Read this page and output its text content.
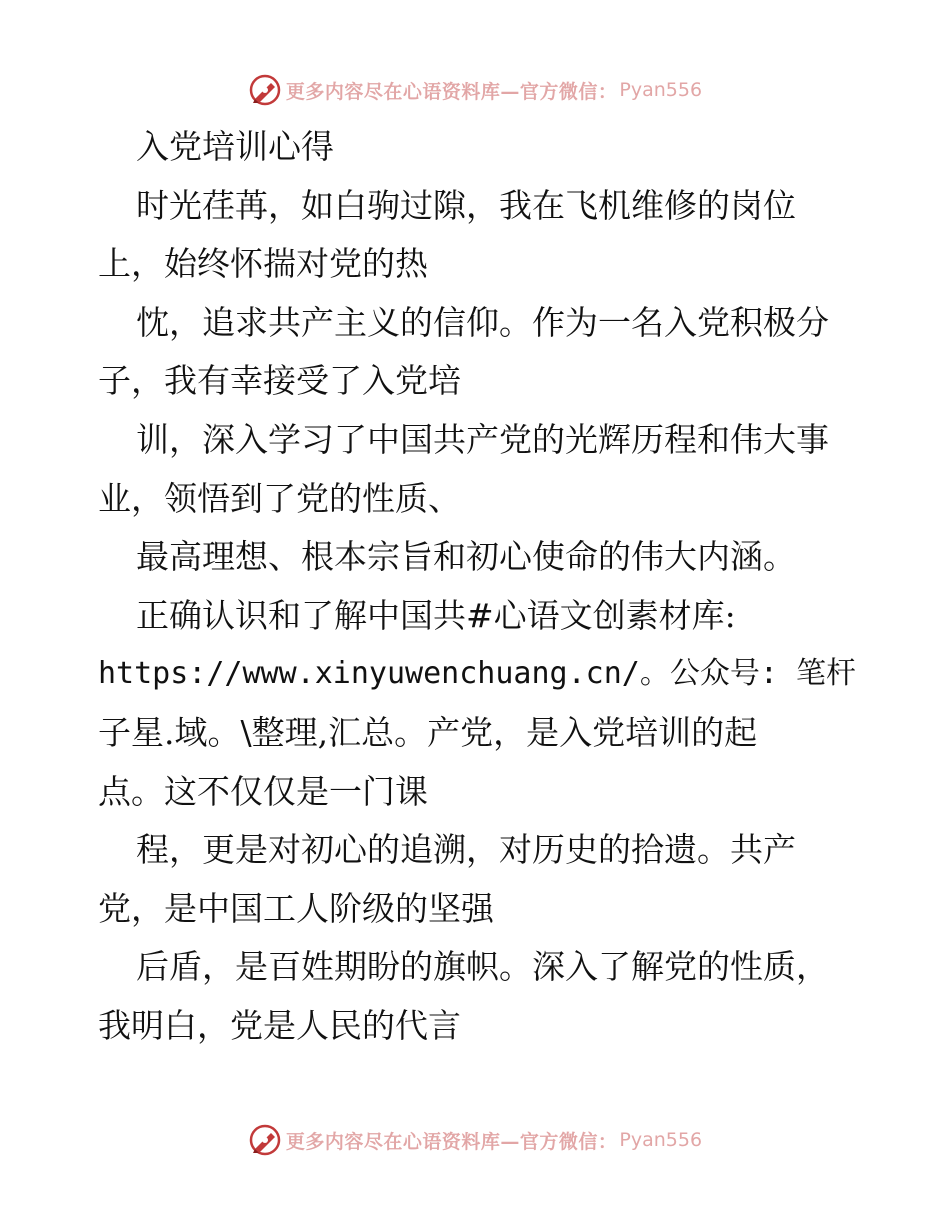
更多内容尽在心语资料库—官方微信： Pyan556
入党培训心得
时光荏苒，如白驹过隙，我在飞机维修的岗位
上，始终怀揣对党的热
忱，追求共产主义的信仰。作为一名入党积极分
子，我有幸接受了入党培
训，深入学习了中国共产党的光辉历程和伟大事
业，领悟到了党的性质、
最高理想、根本宗旨和初心使命的伟大内涵。
正确认识和了解中国共#心语文创素材库:
https://www.xinyuwenchuang.cn/。公众号: 笔杆
子星.域。\整理,汇总。产党，是入党培训的起
点。这不仅仅是一门课
程，更是对初心的追溯，对历史的拾遗。共产
党，是中国工人阶级的坚强
后盾，是百姓期盼的旗帜。深入了解党的性质，
我明白，党是人民的代言
更多内容尽在心语资料库—官方微信： Pyan556
